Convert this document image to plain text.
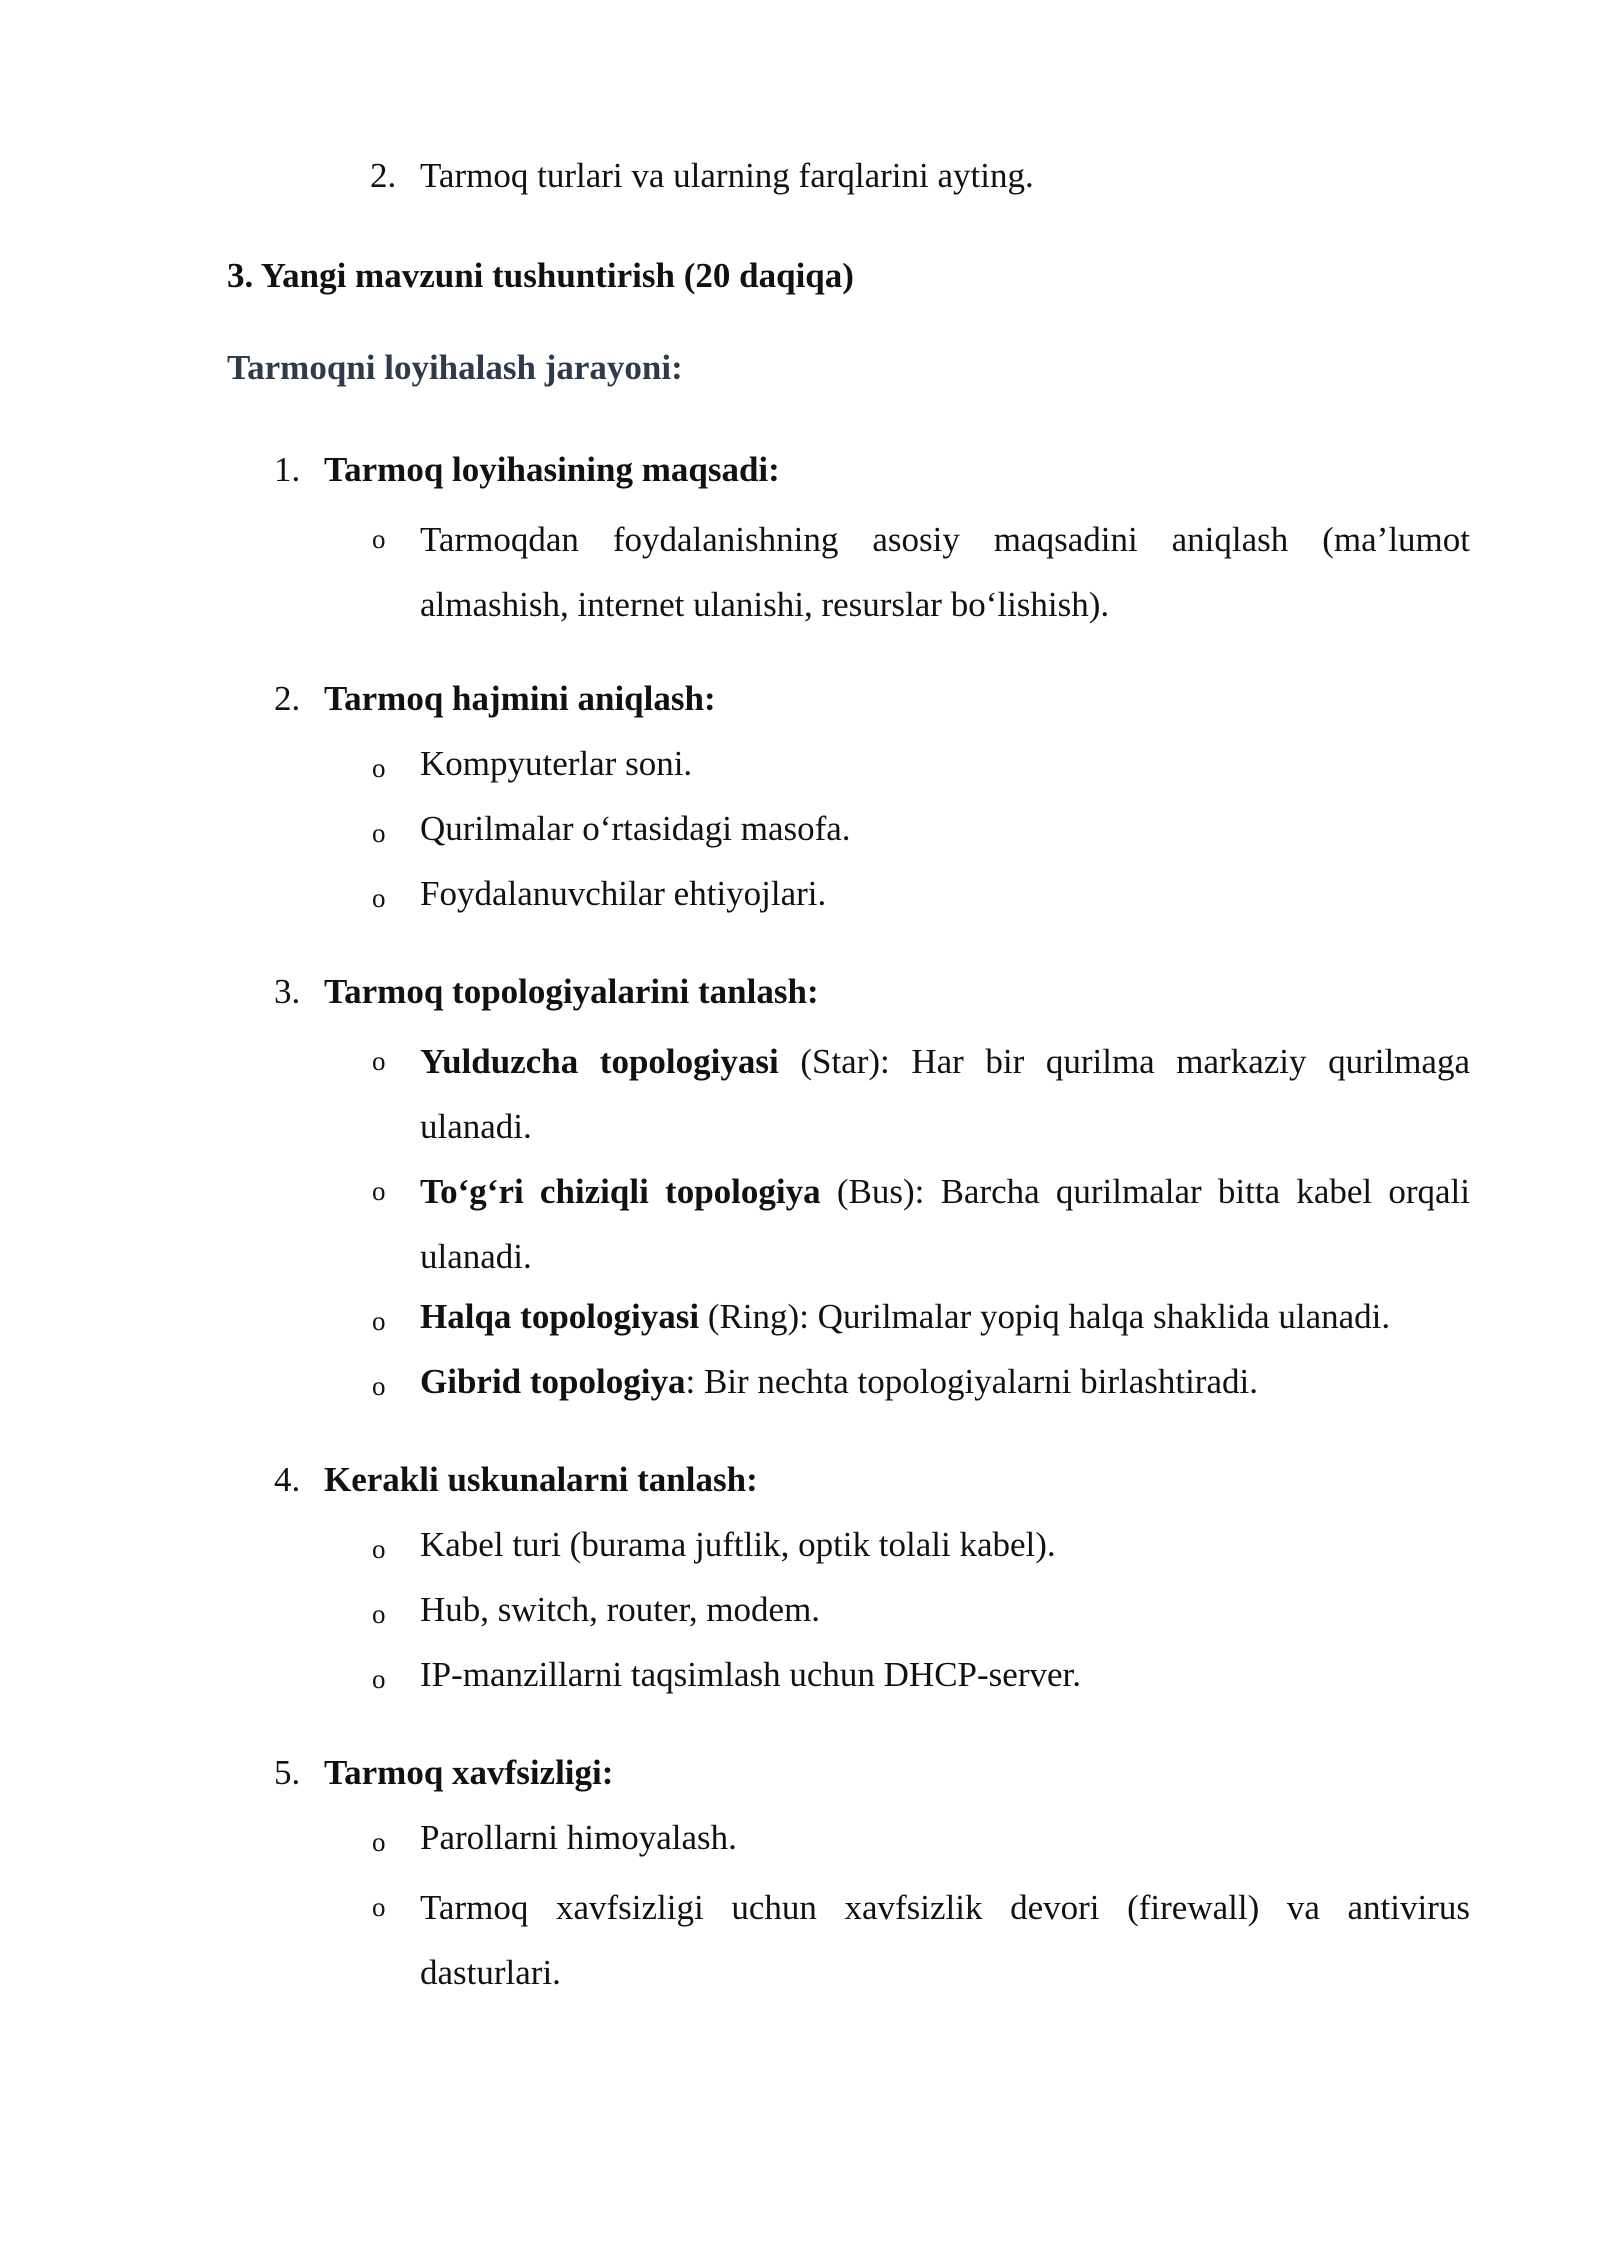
2. Tarmoq turlari va ularning farqlarini ayting.
3. Yangi mavzuni tushuntirish (20 daqiqa)
Tarmoqni loyihalash jarayoni:
1. Tarmoq loyihasining maqsadi:
o Tarmoqdan foydalanishning asosiy maqsadini aniqlash (ma’lumot almashish, internet ulanishi, resurslar bo‘lishish).
2. Tarmoq hajmini aniqlash:
o Kompyuterlar soni.
o Qurilmalar o‘rtasidagi masofa.
o Foydalanuvchilar ehtiyojlari.
3. Tarmoq topologiyalarini tanlash:
o Yulduzcha topologiyasi (Star): Har bir qurilma markaziy qurilmaga ulanadi.
o To‘g‘ri chiziqli topologiya (Bus): Barcha qurilmalar bitta kabel orqali ulanadi.
o Halqa topologiyasi (Ring): Qurilmalar yopiq halqa shaklida ulanadi.
o Gibrid topologiya: Bir nechta topologiyalarni birlashtiradi.
4. Kerakli uskunalarni tanlash:
o Kabel turi (burama juftlik, optik tolali kabel).
o Hub, switch, router, modem.
o IP-manzillarni taqsimlash uchun DHCP-server.
5. Tarmoq xavfsizligi:
o Parollarni himoyalash.
o Tarmoq xavfsizligi uchun xavfsizlik devori (firewall) va antivirus dasturlari.
